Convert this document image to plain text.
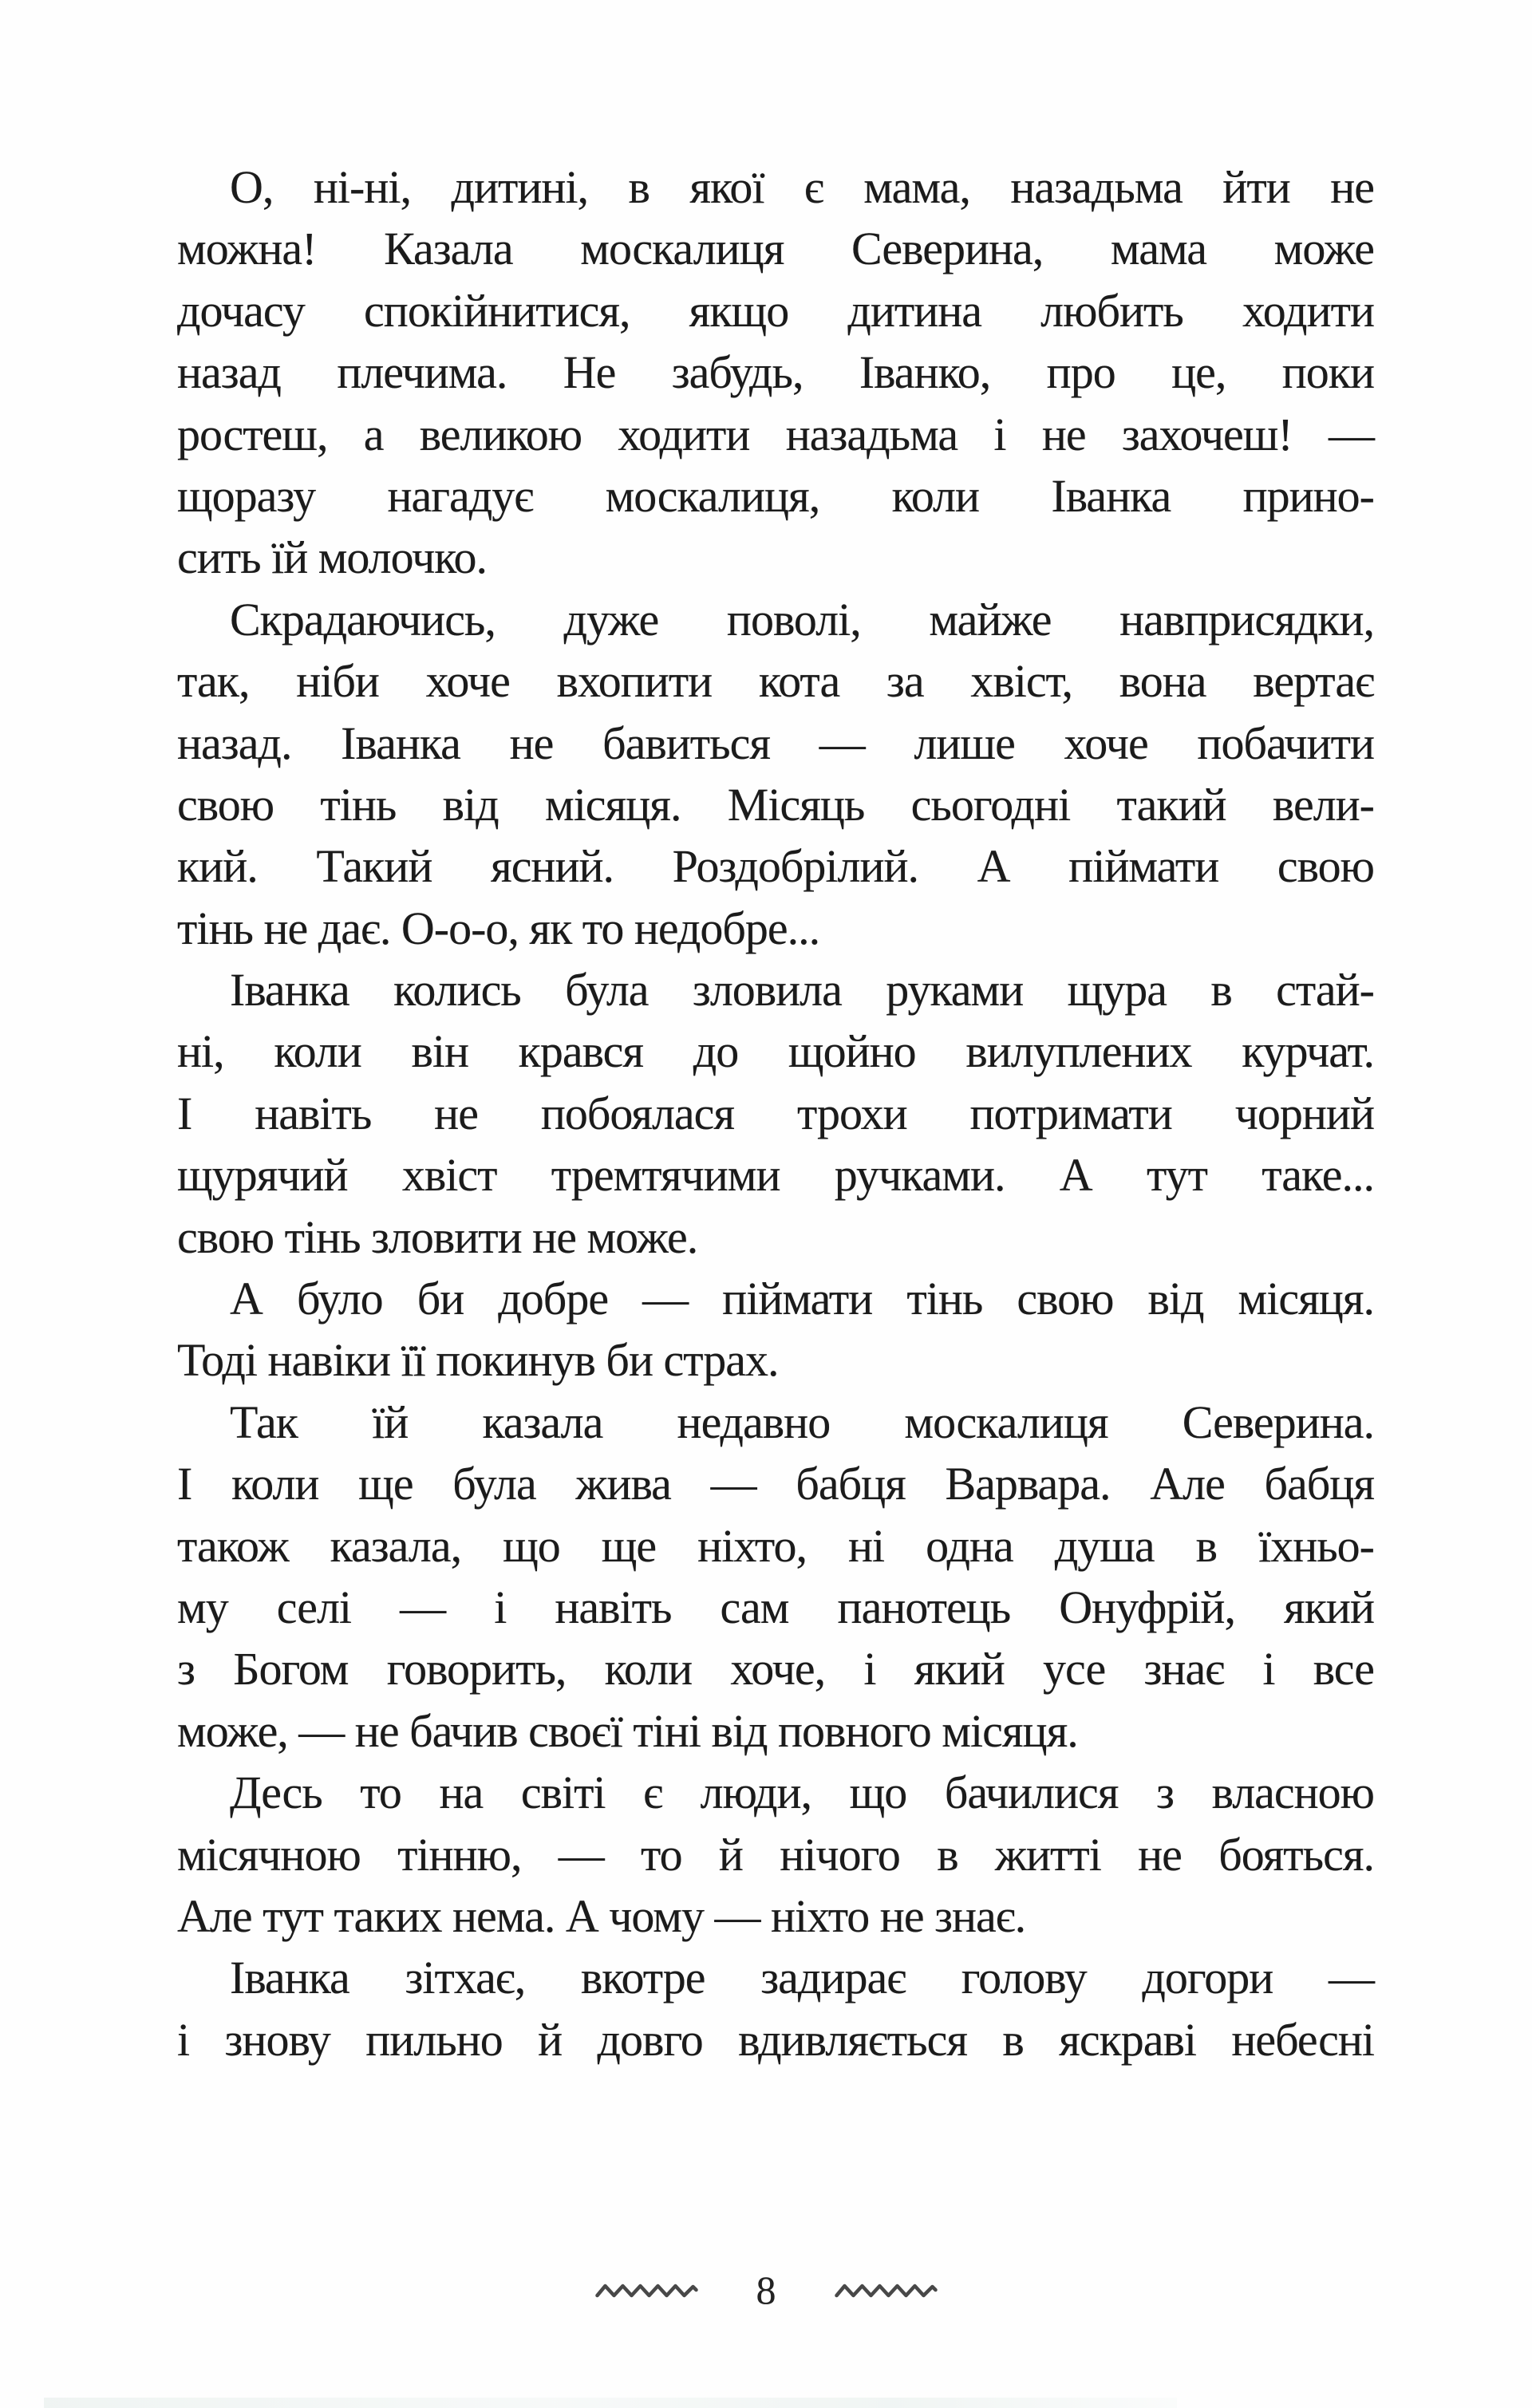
О, ні-ні, дитині, в якої є мама, назадьма йти не
можна! Казала москалиця Северина, мама може
дочасу спокійнитися, якщо дитина любить ходити
назад плечима. Не забудь, Іванко, про це, поки
ростеш, а великою ходити назадьма і не захочеш! —
щоразу нагадує москалиця, коли Іванка прино-
сить їй молочко.
Скрадаючись, дуже поволі, майже навприсядки,
так, ніби хоче вхопити кота за хвіст, вона вертає
назад. Іванка не бавиться — лише хоче побачити
свою тінь від місяця. Місяць сьогодні такий вели-
кий. Такий ясний. Роздобрілий. А піймати свою
тінь не дає. О-о-о, як то недобре...
Іванка колись була зловила руками щура в стай-
ні, коли він крався до щойно вилуплених курчат.
І навіть не побоялася трохи потримати чорний
щурячий хвіст тремтячими ручками. А тут таке...
свою тінь зловити не може.
А було би добре — піймати тінь свою від місяця.
Тоді навіки її покинув би страх.
Так їй казала недавно москалиця Северина.
І коли ще була жива — бабця Варвара. Але бабця
також казала, що ще ніхто, ні одна душа в їхньо-
му селі — і навіть сам панотець Онуфрій, який
з Богом говорить, коли хоче, і який усе знає і все
може, — не бачив своєї тіні від повного місяця.
Десь то на світі є люди, що бачилися з власною
місячною тінню, — то й нічого в житті не бояться.
Але тут таких нема. А чому — ніхто не знає.
Іванка зітхає, вкотре задирає голову догори —
і знову пильно й довго вдивляється в яскраві небесні
8
